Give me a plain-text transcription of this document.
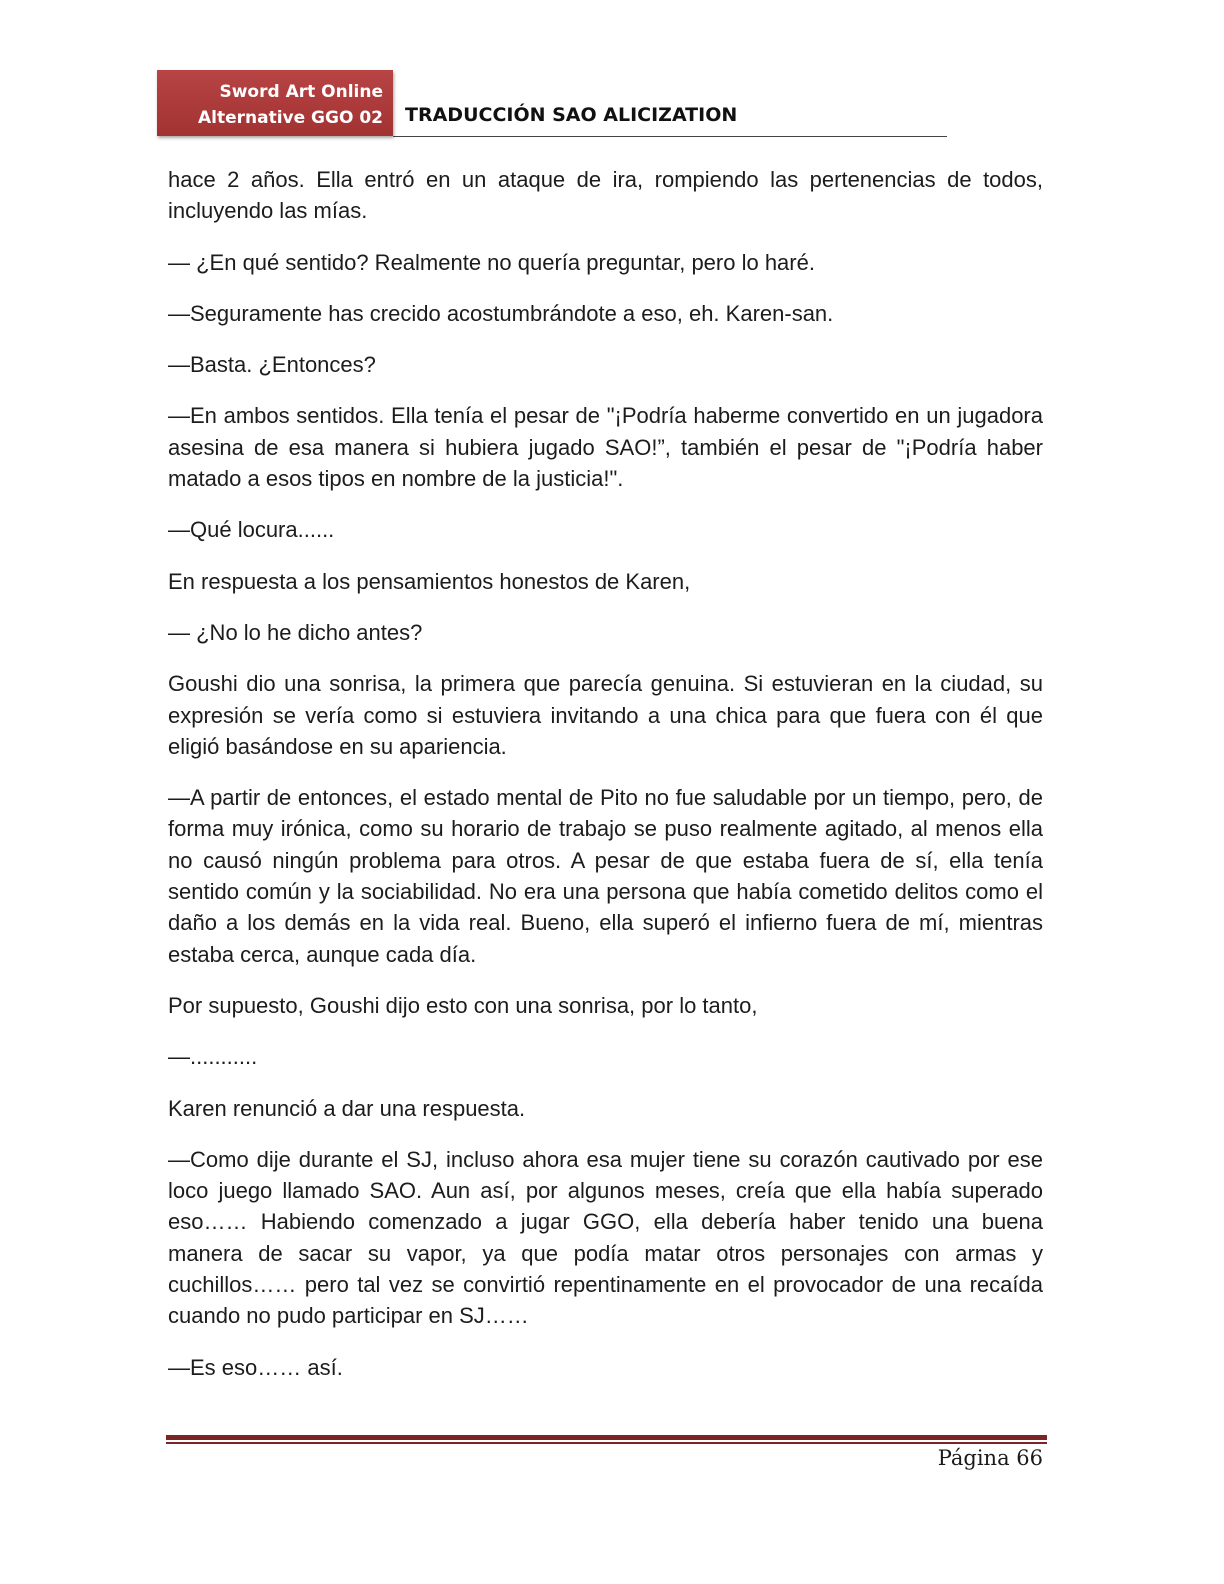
Sword Art Online
Alternative GGO 02 TRADUCCIÓN SAO ALICIZATION

hace 2 años. Ella entró en un ataque de ira, rompiendo las pertenencias de todos, incluyendo las mías.

— ¿En qué sentido? Realmente no quería preguntar, pero lo haré.

—Seguramente has crecido acostumbrándote a eso, eh. Karen-san.

—Basta. ¿Entonces?

—En ambos sentidos. Ella tenía el pesar de "¡Podría haberme convertido en un jugadora asesina de esa manera si hubiera jugado SAO!”, también el pesar de "¡Podría haber matado a esos tipos en nombre de la justicia!".

—Qué locura......

En respuesta a los pensamientos honestos de Karen,

— ¿No lo he dicho antes?

Goushi dio una sonrisa, la primera que parecía genuina. Si estuvieran en la ciudad, su expresión se vería como si estuviera invitando a una chica para que fuera con él que eligió basándose en su apariencia.

—A partir de entonces, el estado mental de Pito no fue saludable por un tiempo, pero, de forma muy irónica, como su horario de trabajo se puso realmente agitado, al menos ella no causó ningún problema para otros. A pesar de que estaba fuera de sí, ella tenía sentido común y la sociabilidad. No era una persona que había cometido delitos como el daño a los demás en la vida real. Bueno, ella superó el infierno fuera de mí, mientras estaba cerca, aunque cada día.

Por supuesto, Goushi dijo esto con una sonrisa, por lo tanto,

—...........

Karen renunció a dar una respuesta.

—Como dije durante el SJ, incluso ahora esa mujer tiene su corazón cautivado por ese loco juego llamado SAO. Aun así, por algunos meses, creía que ella había superado eso…… Habiendo comenzado a jugar GGO, ella debería haber tenido una buena manera de sacar su vapor, ya que podía matar otros personajes con armas y cuchillos…… pero tal vez se convirtió repentinamente en el provocador de una recaída cuando no pudo participar en SJ……

—Es eso…… así.

Página 66
